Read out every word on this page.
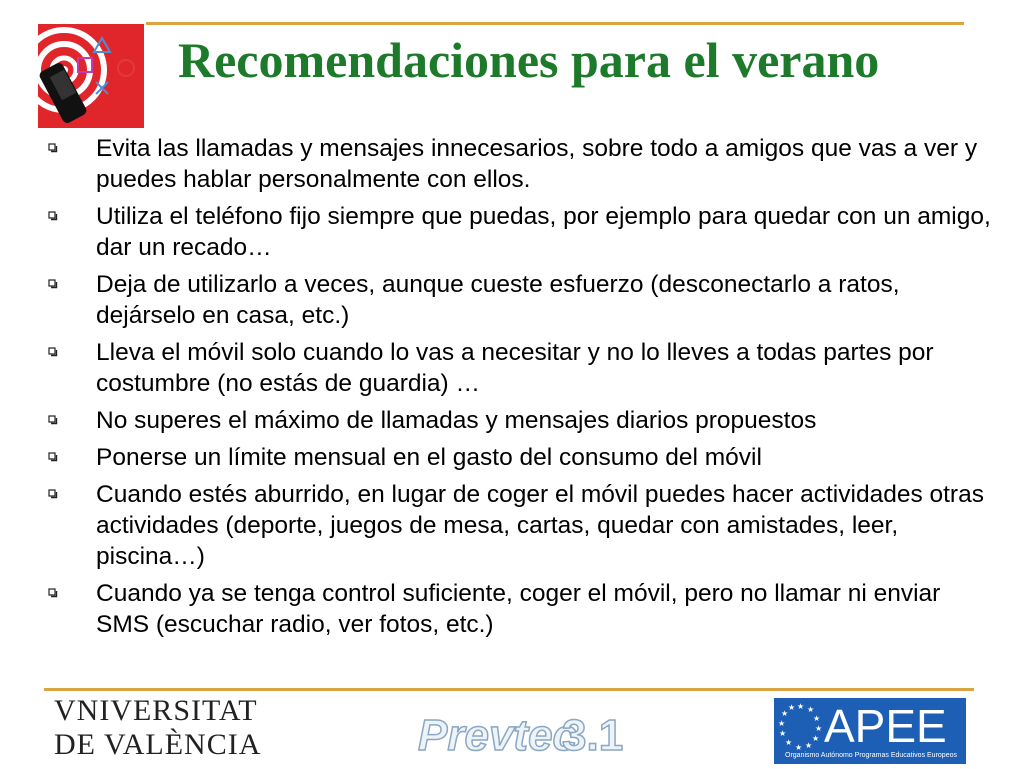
Recomendaciones para el verano
Evita las llamadas y mensajes innecesarios, sobre todo a amigos que vas a ver y puedes hablar personalmente con ellos.
Utiliza el teléfono fijo siempre que puedas, por ejemplo para quedar con un amigo, dar un recado…
Deja de utilizarlo a veces, aunque cueste esfuerzo (desconectarlo a ratos, dejárselo en casa, etc.)
Lleva el móvil solo cuando lo vas a necesitar y no lo lleves a todas partes por costumbre (no estás de guardia) …
No superes el máximo de llamadas y mensajes diarios propuestos
Ponerse un límite mensual en el gasto del consumo del móvil
Cuando estés aburrido, en lugar de coger el móvil puedes hacer actividades otras actividades (deporte, juegos de mesa, cartas, quedar con amistades, leer, piscina…)
Cuando ya se tenga control suficiente, coger el móvil, pero no llamar ni enviar SMS (escuchar radio, ver fotos, etc.)
VNIVERSITAT
DE VALÈNCIA	Prevtec
3.1
★ ★
★
★
★
★
★
★
★
★
★
★ APEE
Organismo Autónomo Programas Educativos Europeos
